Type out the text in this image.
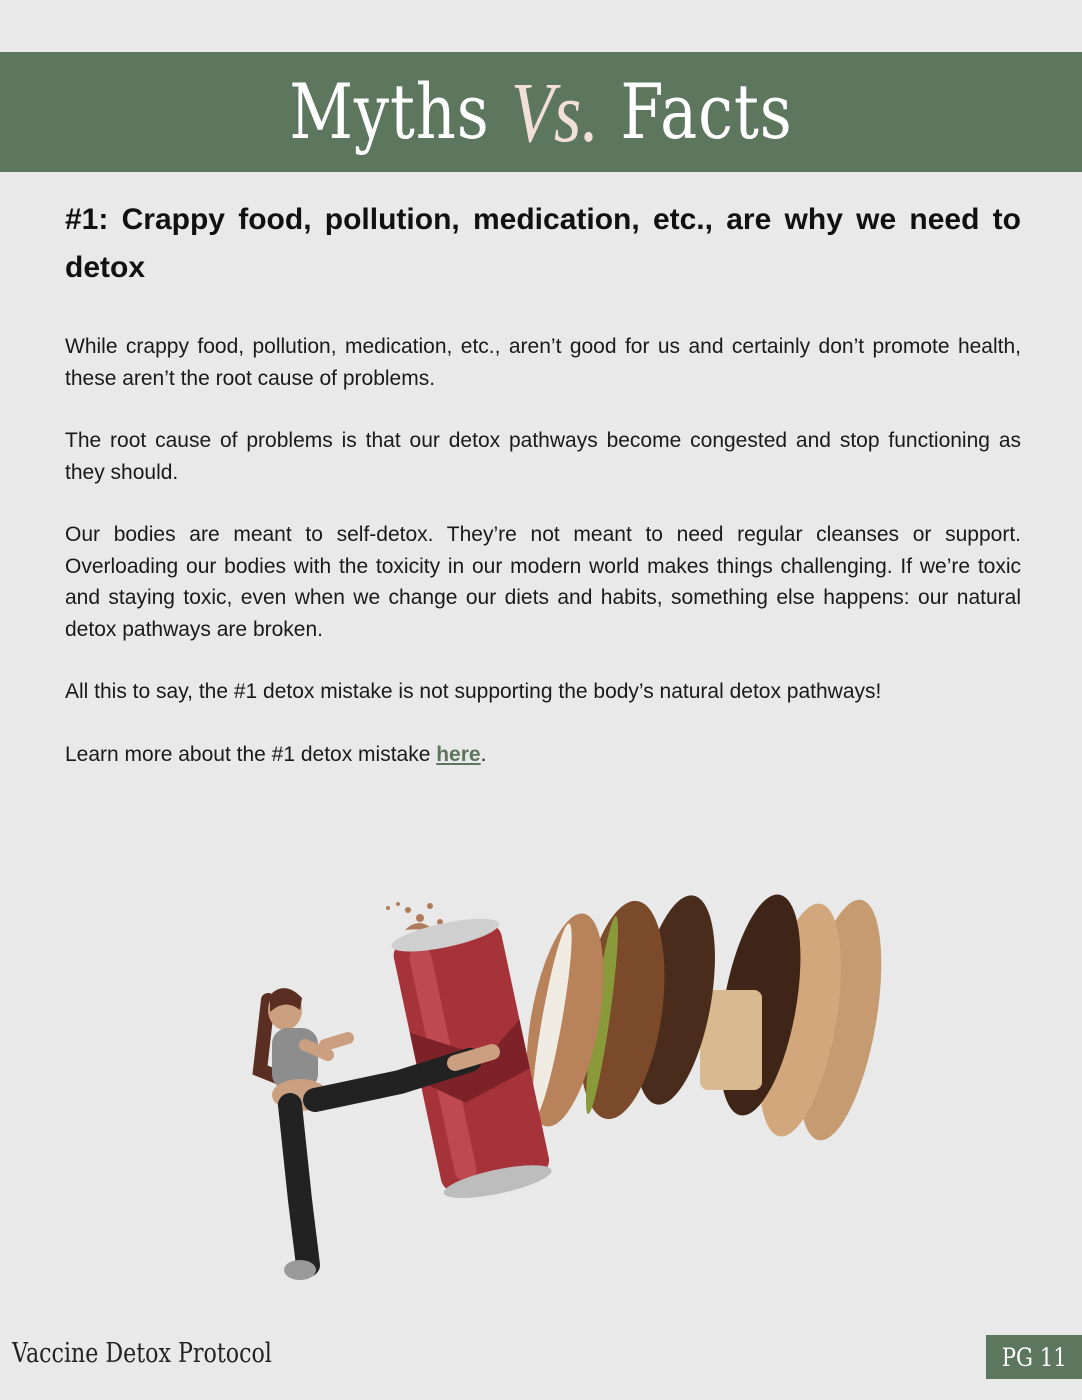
Myths Vs. Facts
#1: Crappy food, pollution, medication, etc., are why we need to detox

While crappy food, pollution, medication, etc., aren’t good for us and certainly don’t promote health, these aren’t the root cause of problems.

The root cause of problems is that our detox pathways become congested and stop functioning as they should.

Our bodies are meant to self-detox. They’re not meant to need regular cleanses or support. Overloading our bodies with the toxicity in our modern world makes things challenging. If we’re toxic and staying toxic, even when we change our diets and habits, something else happens: our natural detox pathways are broken.

All this to say, the #1 detox mistake is not supporting the body’s natural detox pathways!

Learn more about the #1 detox mistake here.

Vaccine Detox Protocol	PG 11
